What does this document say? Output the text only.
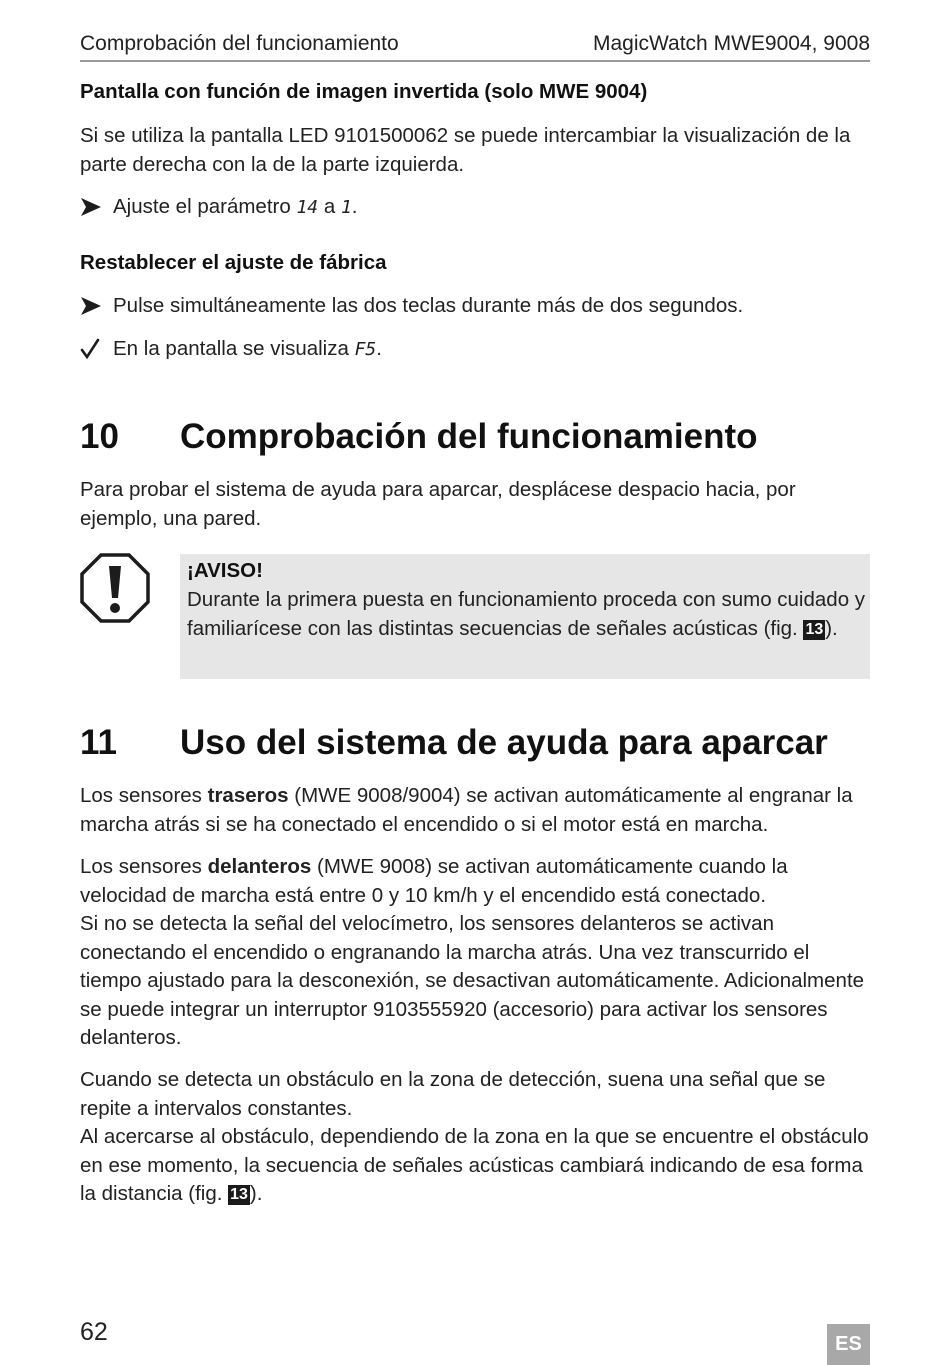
Comprobación del funcionamiento	MagicWatch MWE9004, 9008
Pantalla con función de imagen invertida (solo MWE 9004)
Si se utiliza la pantalla LED 9101500062 se puede intercambiar la visualización de la parte derecha con la de la parte izquierda.
Ajuste el parámetro 14 a 1.
Restablecer el ajuste de fábrica
Pulse simultáneamente las dos teclas durante más de dos segundos.
En la pantalla se visualiza F5.
10 Comprobación del funcionamiento
Para probar el sistema de ayuda para aparcar, desplácese despacio hacia, por ejemplo, una pared.
¡AVISO!
Durante la primera puesta en funcionamiento proceda con sumo cuidado y familiarícese con las distintas secuencias de señales acústicas (fig. 13).
11 Uso del sistema de ayuda para aparcar
Los sensores traseros (MWE 9008/9004) se activan automáticamente al engranar la marcha atrás si se ha conectado el encendido o si el motor está en marcha.
Los sensores delanteros (MWE 9008) se activan automáticamente cuando la velocidad de marcha está entre 0 y 10 km/h y el encendido está conectado.
Si no se detecta la señal del velocímetro, los sensores delanteros se activan conectando el encendido o engranando la marcha atrás. Una vez transcurrido el tiempo ajustado para la desconexión, se desactivan automáticamente. Adicionalmente se puede integrar un interruptor 9103555920 (accesorio) para activar los sensores delanteros.
Cuando se detecta un obstáculo en la zona de detección, suena una señal que se repite a intervalos constantes.
Al acercarse al obstáculo, dependiendo de la zona en la que se encuentre el obstáculo en ese momento, la secuencia de señales acústicas cambiará indicando de esa forma la distancia (fig. 13).
62	ES
